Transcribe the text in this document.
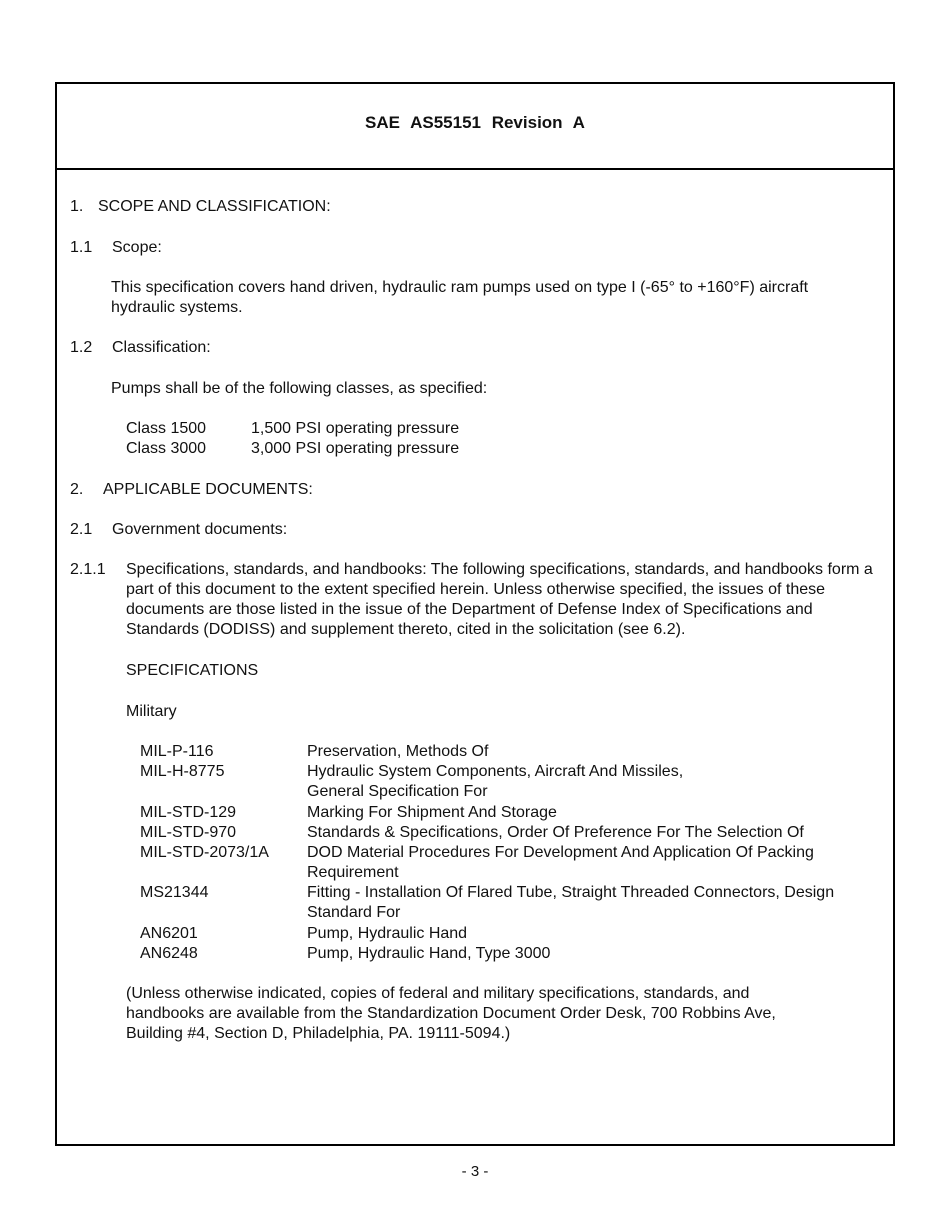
SAE AS55151 Revision A
1. SCOPE AND CLASSIFICATION:
1.1 Scope:
This specification covers hand driven, hydraulic ram pumps used on type I (-65° to +160°F) aircraft hydraulic systems.
1.2 Classification:
Pumps shall be of the following classes, as specified:
Class 1500	1,500 PSI operating pressure
Class 3000	3,000 PSI operating pressure
2. APPLICABLE DOCUMENTS:
2.1 Government documents:
2.1.1 Specifications, standards, and handbooks: The following specifications, standards, and handbooks form a part of this document to the extent specified herein. Unless otherwise specified, the issues of these documents are those listed in the issue of the Department of Defense Index of Specifications and Standards (DODISS) and supplement thereto, cited in the solicitation (see 6.2).
SPECIFICATIONS
Military
MIL-P-116	Preservation, Methods Of
MIL-H-8775	Hydraulic System Components, Aircraft And Missiles, General Specification For
MIL-STD-129	Marking For Shipment And Storage
MIL-STD-970	Standards & Specifications, Order Of Preference For The Selection Of
MIL-STD-2073/1A DOD Material Procedures For Development And Application Of Packing Requirement
MS21344	Fitting - Installation Of Flared Tube, Straight Threaded Connectors, Design Standard For
AN6201	Pump, Hydraulic Hand
AN6248	Pump, Hydraulic Hand, Type 3000
(Unless otherwise indicated, copies of federal and military specifications, standards, and handbooks are available from the Standardization Document Order Desk, 700 Robbins Ave, Building #4, Section D, Philadelphia, PA. 19111-5094.)
- 3 -
